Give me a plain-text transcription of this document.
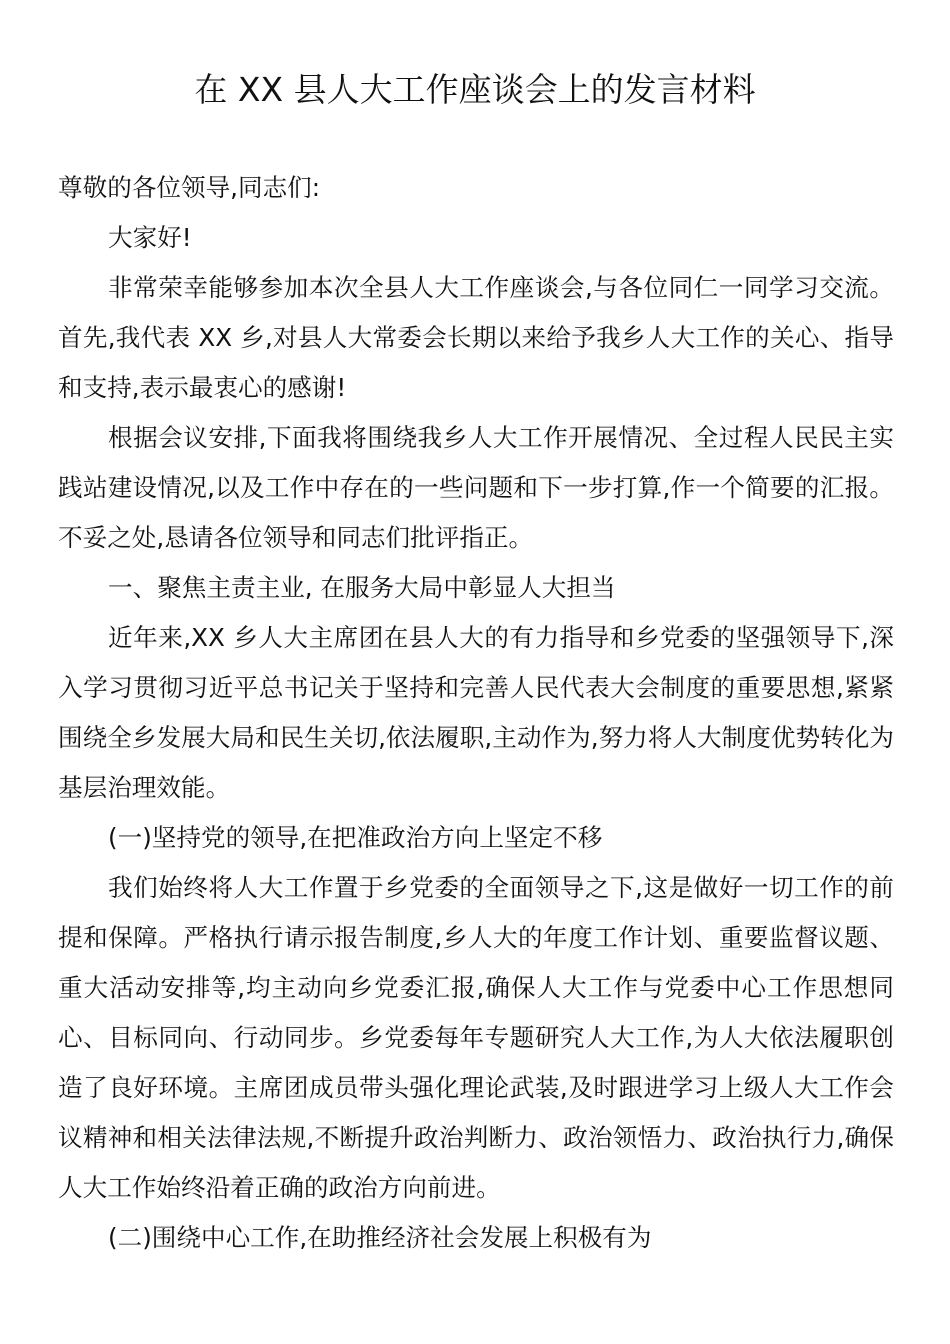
在 XX 县人大工作座谈会上的发言材料

尊敬的各位领导,同志们:

大家好!

非常荣幸能够参加本次全县人大工作座谈会,与各位同仁一同学习交流。首先,我代表 XX 乡,对县人大常委会长期以来给予我乡人大工作的关心、指导和支持,表示最衷心的感谢!

根据会议安排,下面我将围绕我乡人大工作开展情况、全过程人民民主实践站建设情况,以及工作中存在的一些问题和下一步打算,作一个简要的汇报。不妥之处,恳请各位领导和同志们批评指正。

一、聚焦主责主业, 在服务大局中彰显人大担当

近年来,XX 乡人大主席团在县人大的有力指导和乡党委的坚强领导下,深入学习贯彻习近平总书记关于坚持和完善人民代表大会制度的重要思想,紧紧围绕全乡发展大局和民生关切,依法履职,主动作为,努力将人大制度优势转化为基层治理效能。

(一)坚持党的领导,在把准政治方向上坚定不移

我们始终将人大工作置于乡党委的全面领导之下,这是做好一切工作的前提和保障。严格执行请示报告制度,乡人大的年度工作计划、重要监督议题、重大活动安排等,均主动向乡党委汇报,确保人大工作与党委中心工作思想同心、目标同向、行动同步。乡党委每年专题研究人大工作,为人大依法履职创造了良好环境。主席团成员带头强化理论武装,及时跟进学习上级人大工作会议精神和相关法律法规,不断提升政治判断力、政治领悟力、政治执行力,确保人大工作始终沿着正确的政治方向前进。

(二)围绕中心工作,在助推经济社会发展上积极有为
